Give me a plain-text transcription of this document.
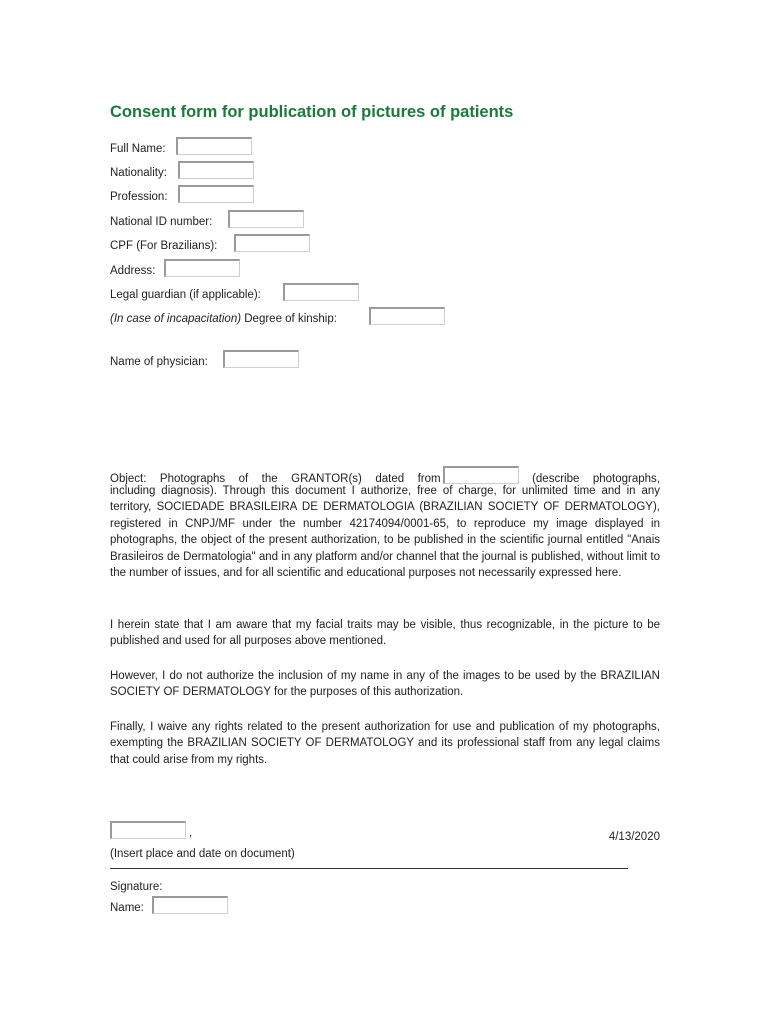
Consent form for publication of pictures of patients
Full Name:
Nationality:
Profession:
National ID number:
CPF (For Brazilians):
Address:
Legal guardian (if applicable):
(In case of incapacitation) Degree of kinship:
Name of physician:
Object: Photographs of the GRANTOR(s) dated from	(describe photographs,
including diagnosis). Through this document I authorize, free of charge, for unlimited time and in any territory, SOCIEDADE BRASILEIRA DE DERMATOLOGIA (BRAZILIAN SOCIETY OF DERMATOLOGY), registered in CNPJ/MF under the number 42174094/0001-65, to reproduce my image displayed in photographs, the object of the present authorization, to be published in the scientific journal entitled "Anais Brasileiros de Dermatologia" and in any platform and/or channel that the journal is published, without limit to the number of issues, and for all scientific and educational purposes not necessarily expressed here.
I herein state that I am aware that my facial traits may be visible, thus recognizable, in the picture to be published and used for all purposes above mentioned.
However, I do not authorize the inclusion of my name in any of the images to be used by the BRAZILIAN SOCIETY OF DERMATOLOGY for the purposes of this authorization.
Finally, I waive any rights related to the present authorization for use and publication of my photographs, exempting the BRAZILIAN SOCIETY OF DERMATOLOGY and its professional staff from any legal claims that could arise from my rights.
,	4/13/2020
(Insert place and date on document)
Signature:
Name:
